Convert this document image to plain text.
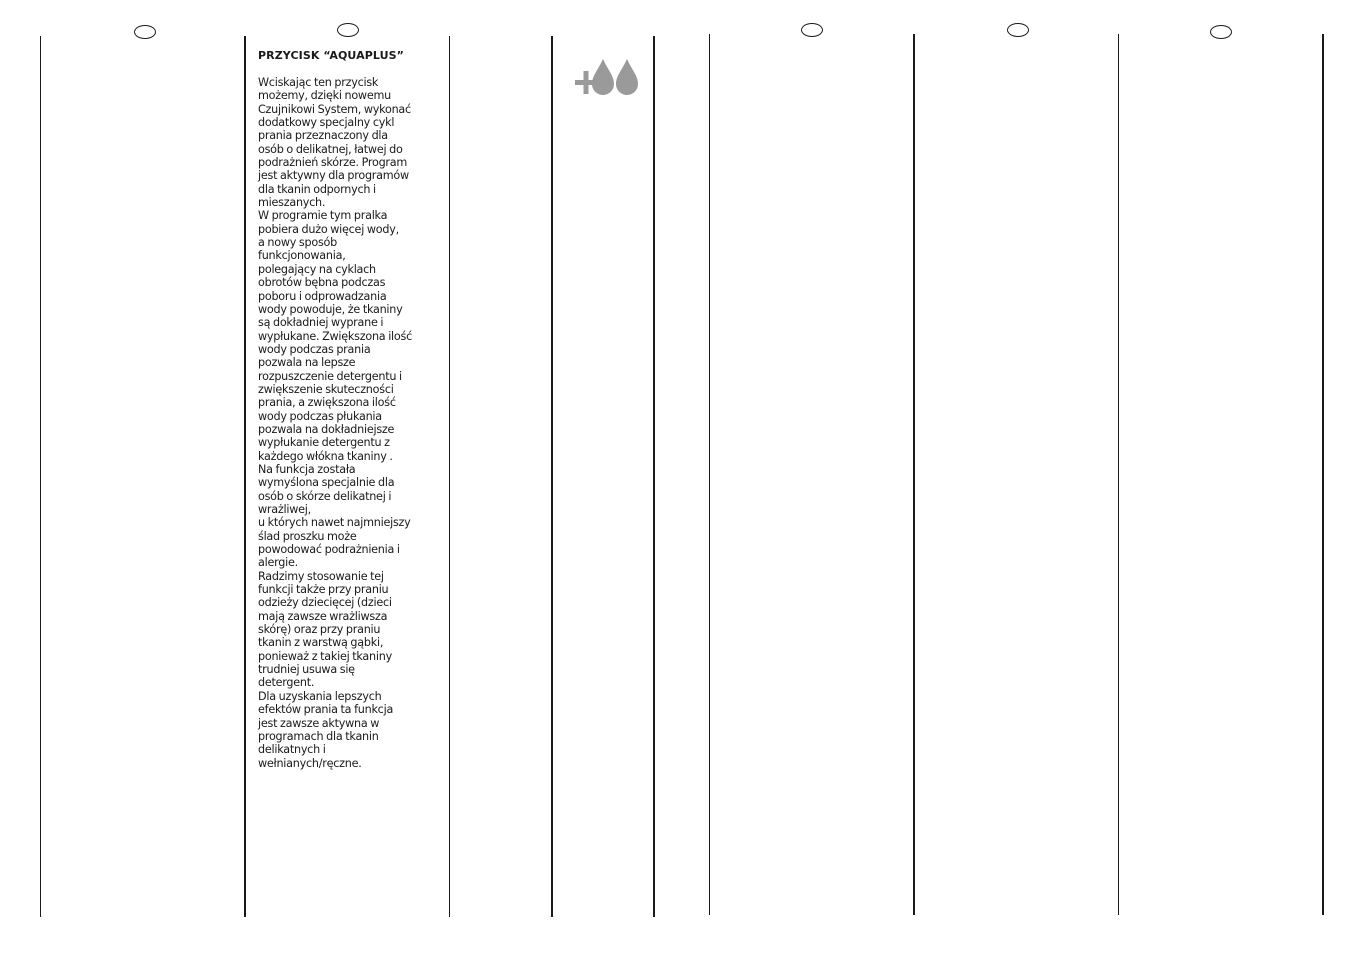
PRZYCISK “AQUAPLUS”

Wciskając ten przycisk
możemy, dzięki nowemu
Czujnikowi System, wykonać
dodatkowy specjalny cykl
prania przeznaczony dla
osób o delikatnej, łatwej do
podrażnień skórze. Program
jest aktywny dla programów
dla tkanin odpornych i
mieszanych.
W programie tym pralka
pobiera dużo więcej wody,
a nowy sposób
funkcjonowania,
polegający na cyklach
obrotów bębna podczas
poboru i odprowadzania
wody powoduje, że tkaniny
są dokładniej wyprane i
wypłukane. Zwiększona ilość
wody podczas prania
pozwala na lepsze
rozpuszczenie detergentu i
zwiększenie skuteczności
prania, a zwiększona ilość
wody podczas płukania
pozwala na dokładniejsze
wypłukanie detergentu z
każdego włókna tkaniny .
Na funkcja została
wymyślona specjalnie dla
osób o skórze delikatnej i
wrażliwej,
u których nawet najmniejszy
ślad proszku może
powodować podrażnienia i
alergie.
Radzimy stosowanie tej
funkcji także przy praniu
odzieży dziecięcej (dzieci
mają zawsze wrażliwsza
skórę) oraz przy praniu
tkanin z warstwą gąbki,
ponieważ z takiej tkaniny
trudniej usuwa się
detergent.
Dla uzyskania lepszych
efektów prania ta funkcja
jest zawsze aktywna w
programach dla tkanin
delikatnych i
wełnianych/ręczne.
